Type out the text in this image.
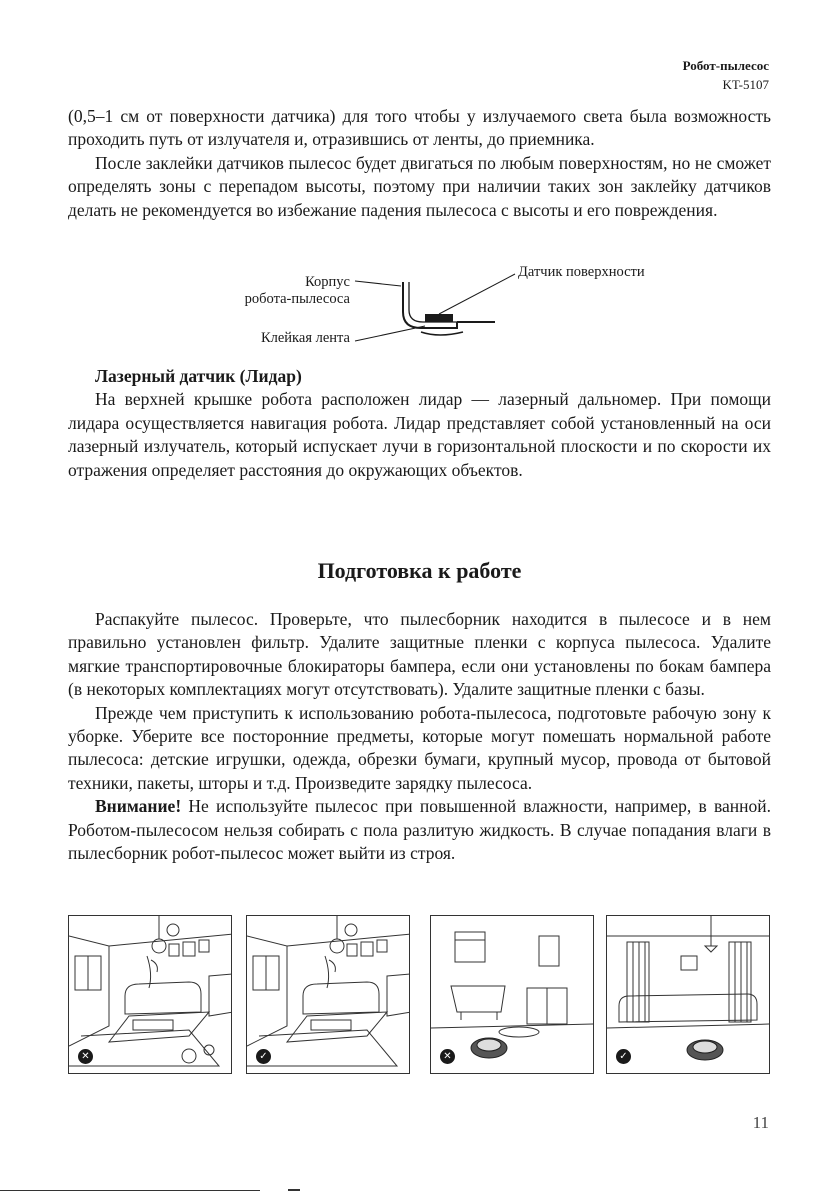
Робот-пылесос
KT-5107

(0,5–1 см от поверхности датчика) для того чтобы у излучаемого света была возможность проходить путь от излучателя и, отразившись от ленты, до приемника.

После заклейки датчиков пылесос будет двигаться по любым поверхностям, но не сможет определять зоны с перепадом высоты, поэтому при наличии таких зон заклейку датчиков делать не рекомендуется во избежание падения пылесоса с высоты и его повреждения.

Корпус
робота-пылесоса
Датчик поверхности
Клейкая лента

Лазерный датчик (Лидар)

На верхней крышке робота расположен лидар — лазерный дальномер. При помощи лидара осуществляется навигация робота. Лидар представляет собой установленный на оси лазерный излучатель, который испускает лучи в горизонтальной плоскости и по скорости их отражения определяет расстояния до окружающих объектов.

Подготовка к работе

Распакуйте пылесос. Проверьте, что пылесборник находится в пылесосе и в нем правильно установлен фильтр. Удалите защитные пленки с корпуса пылесоса. Удалите мягкие транспортировочные блокираторы бампера, если они установлены по бокам бампера (в некоторых комплектациях могут отсутствовать). Удалите защитные пленки с базы.

Прежде чем приступить к использованию робота-пылесоса, подготовьте рабочую зону к уборке. Уберите все посторонние предметы, которые могут помешать нормальной работе пылесоса: детские игрушки, одежда, обрезки бумаги, крупный мусор, провода от бытовой техники, пакеты, шторы и т.д. Произведите зарядку пылесоса.

Внимание! Не используйте пылесос при повышенной влажности, например, в ванной. Роботом-пылесосом нельзя собирать с пола разлитую жидкость. В случае попадания влаги в пылесборник робот-пылесос может выйти из строя.

✕	✓	✕	✓
11
